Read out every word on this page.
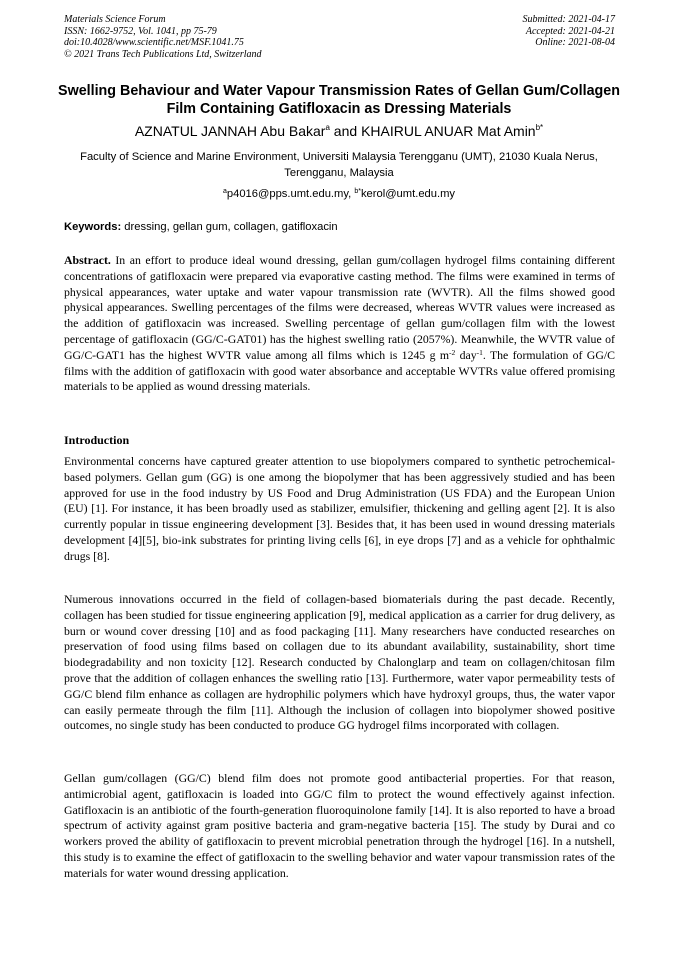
Materials Science Forum
ISSN: 1662-9752, Vol. 1041, pp 75-79
doi:10.4028/www.scientific.net/MSF.1041.75
© 2021 Trans Tech Publications Ltd, Switzerland
Submitted: 2021-04-17
Accepted: 2021-04-21
Online: 2021-08-04
Swelling Behaviour and Water Vapour Transmission Rates of Gellan Gum/Collagen Film Containing Gatifloxacin as Dressing Materials
AZNATUL JANNAH Abu Bakar$^a$ and KHAIRUL ANUAR Mat Amin$^{b*}$
Faculty of Science and Marine Environment, Universiti Malaysia Terengganu (UMT), 21030 Kuala Nerus, Terengganu, Malaysia
$^a$p4016@pps.umt.edu.my, $^{b*}$kerol@umt.edu.my
Keywords: dressing, gellan gum, collagen, gatifloxacin

Abstract. In an effort to produce ideal wound dressing, gellan gum/collagen hydrogel films containing different concentrations of gatifloxacin were prepared via evaporative casting method. The films were examined in terms of physical appearances, water uptake and water vapour transmission rate (WVTR). All the films showed good physical appearances. Swelling percentages of the films were decreased, whereas WVTR values were increased as the addition of gatifloxacin was increased. Swelling percentage of gellan gum/collagen film with the lowest percentage of gatifloxacin (GG/C-GAT01) has the highest swelling ratio (2057%). Meanwhile, the WVTR value of GG/C-GAT1 has the highest WVTR value among all films which is 1245 g $m^{-2}$ day$^{-1}$. The formulation of GG/C films with the addition of gatifloxacin with good water absorbance and acceptable WVTRs value offered promising materials to be applied as wound dressing materials.

Introduction

Environmental concerns have captured greater attention to use biopolymers compared to synthetic petrochemical-based polymers. Gellan gum (GG) is one among the biopolymer that has been aggressively studied and has been approved for use in the food industry by US Food and Drug Administration (US FDA) and the European Union (EU) [1]. For instance, it has been broadly used as stabilizer, emulsifier, thickening and gelling agent [2]. It is also currently popular in tissue engineering development [3]. Besides that, it has been used in wound dressing materials development [4][5], bio-ink substrates for printing living cells [6], in eye drops [7] and as a vehicle for ophthalmic drugs [8].

Numerous innovations occurred in the field of collagen-based biomaterials during the past decade. Recently, collagen has been studied for tissue engineering application [9], medical application as a carrier for drug delivery, as burn or wound cover dressing [10] and as food packaging [11]. Many researchers have conducted researches on preservation of food using films based on collagen due to its abundant availability, sustainability, short time biodegradability and non toxicity [12]. Research conducted by Chalonglarp and team on collagen/chitosan film prove that the addition of collagen enhances the swelling ratio [13]. Furthermore, water vapor permeability tests of GG/C blend film enhance as collagen are hydrophilic polymers which have hydroxyl groups, thus, the water vapor can easily permeate through the film [11]. Although the inclusion of collagen into biopolymer showed positive outcomes, no single study has been conducted to produce GG hydrogel films incorporated with collagen.

Gellan gum/collagen (GG/C) blend film does not promote good antibacterial properties. For that reason, antimicrobial agent, gatifloxacin is loaded into GG/C film to protect the wound effectively against infection. Gatifloxacin is an antibiotic of the fourth-generation fluoroquinolone family [14]. It is also reported to have a broad spectrum of activity against gram positive bacteria and gram-negative bacteria [15]. The study by Durai and co workers proved the ability of gatifloxacin to prevent microbial penetration through the hydrogel [16]. In a nutshell, this study is to examine the effect of gatifloxacin to the swelling behavior and water vapour transmission rates of the materials for water wound dressing application.
